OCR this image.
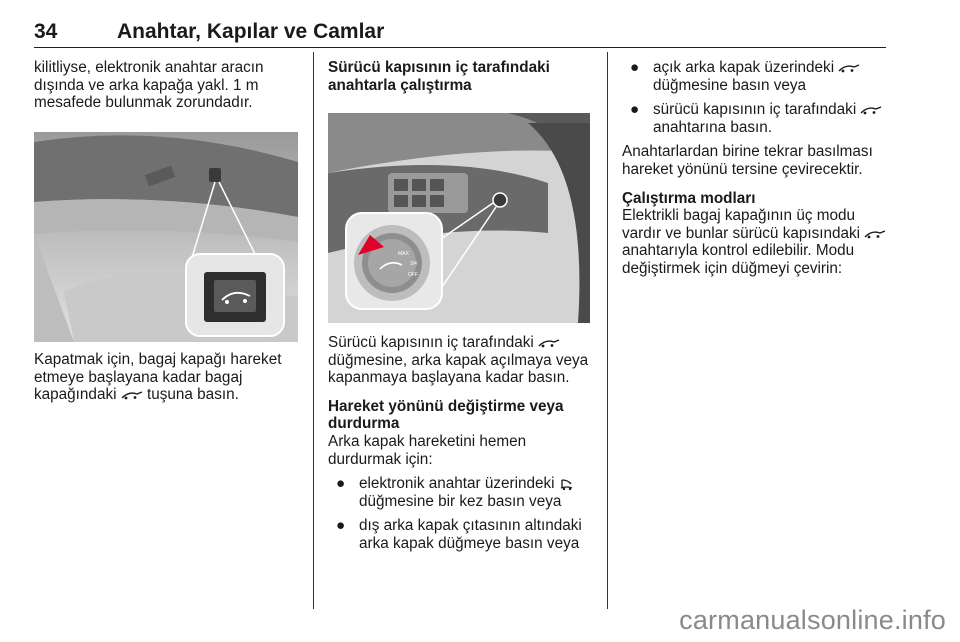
34	Anahtar, Kapılar ve Camlar

kilitliyse, elektronik anahtar aracın dışında ve arka kapağa yakl. 1 m mesafede bulunmak zorundadır.

Kapatmak için, bagaj kapağı hareket etmeye başlayana kadar bagaj kapağındaki  tuşuna basın.

Sürücü kapısının iç tarafındaki anahtarla çalıştırma

MAX
3/4
OFF

Sürücü kapısının iç tarafındaki  düğmesine, arka kapak açılmaya veya kapanmaya başlayana kadar basın.

Hareket yönünü değiştirme veya durdurma

Arka kapak hareketini hemen durdurmak için:

● elektronik anahtar üzerindeki  düğmesine bir kez basın veya

● dış arka kapak çıtasının altındaki arka kapak düğmeye basın veya

● açık arka kapak üzerindeki  düğmesine basın veya

● sürücü kapısının iç tarafındaki  anahtarına basın.

Anahtarlardan birine tekrar basılması hareket yönünü tersine çevirecektir.

Çalıştırma modları

Elektrikli bagaj kapağının üç modu vardır ve bunlar sürücü kapısındaki  anahtarıyla kontrol edilebilir. Modu değiştirmek için düğmeyi çevirin:

carmanualsonline.info
